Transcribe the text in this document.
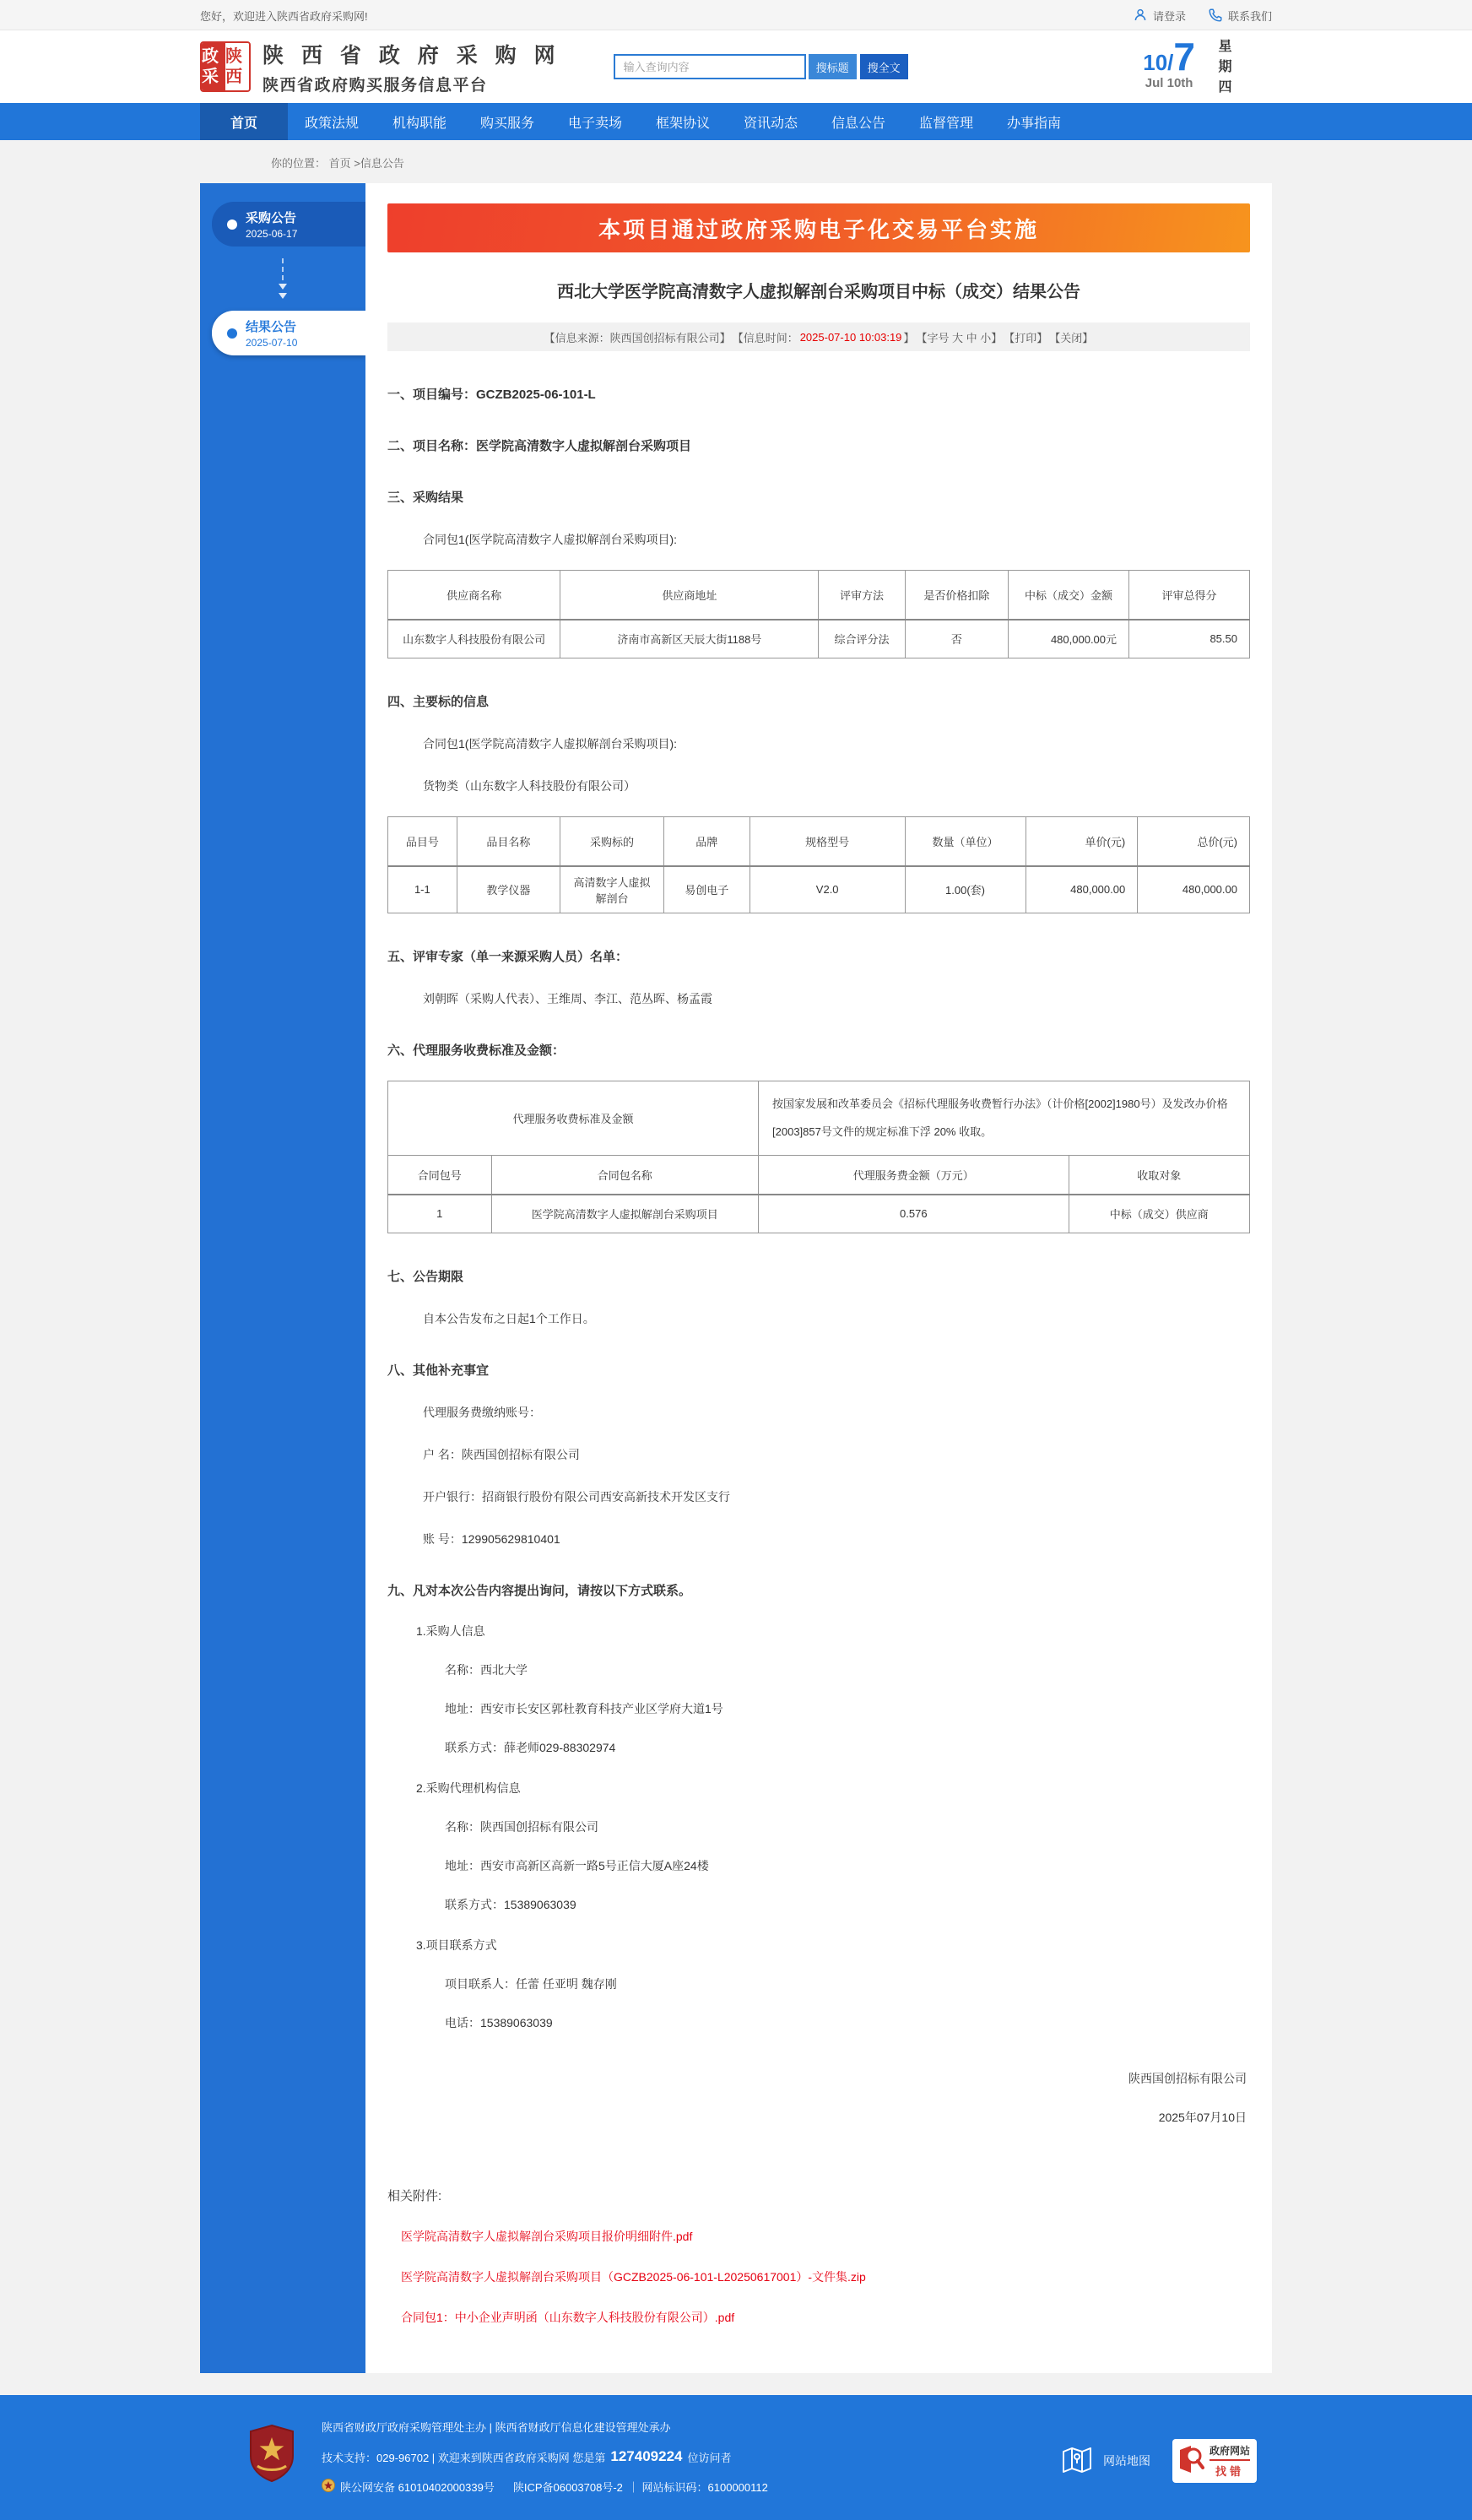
您好，欢迎进入陕西省政府采购网!	请登录	联系我们
政采
陕西
陕 西 省 政 府 采 购 网
陕西省政府购买服务信息平台
输入查询内容
搜标题	搜全文	10/7
Jul 10th 星期四
首页	政策法规	机构职能	购买服务	电子卖场	框架协议	资讯动态	信息公告	监督管理	办事指南
你的位置： 首页 >信息公告
采购公告
2025-06-17
结果公告
2025-07-10
本项目通过政府采购电子化交易平台实施
西北大学医学院高清数字人虚拟解剖台采购项目中标（成交）结果公告
【信息来源：陕西国创招标有限公司】 【信息时间： 2025-07-10 10:03:19 】 【字号 大 中 小】 【打印】 【关闭】
一、项目编号：GCZB2025-06-101-L
二、项目名称：医学院高清数字人虚拟解剖台采购项目
三、采购结果
合同包1(医学院高清数字人虚拟解剖台采购项目):
供应商名称	供应商地址	评审方法	是否价格扣除	中标（成交）金额	评审总得分
山东数字人科技股份有限公司	济南市高新区天辰大街1188号	综合评分法	否	480,000.00元	85.50
四、主要标的信息
合同包1(医学院高清数字人虚拟解剖台采购项目):
货物类（山东数字人科技股份有限公司）
品目号	品目名称	采购标的	品牌	规格型号	数量（单位）	单价(元)	总价(元)
1-1	教学仪器	高清数字人虚拟解剖台	易创电子	V2.0	1.00(套)	480,000.00	480,000.00
五、评审专家（单一来源采购人员）名单：
刘朝晖（采购人代表）、王维周、李江、范丛晖、杨孟霞
六、代理服务收费标准及金额：
代理服务收费标准及金额		按国家发展和改革委员会《招标代理服务收费暂行办法》（计价格[2002]1980号）及发改办价格[2003]857号文件的规定标准下浮 20% 收取。	
合同包号	合同包名称	代理服务费金额（万元）	收取对象
1	医学院高清数字人虚拟解剖台采购项目	0.576	中标（成交）供应商
七、公告期限
自本公告发布之日起1个工作日。
八、其他补充事宜
代理服务费缴纳账号：
户 名：陕西国创招标有限公司
开户银行：招商银行股份有限公司西安高新技术开发区支行
账 号：129905629810401
九、凡对本次公告内容提出询问，请按以下方式联系。
1.采购人信息
名称：西北大学
地址：西安市长安区郭杜教育科技产业区学府大道1号
联系方式：薛老师029-88302974
2.采购代理机构信息
名称：陕西国创招标有限公司
地址：西安市高新区高新一路5号正信大厦A座24楼
联系方式：15389063039
3.项目联系方式
项目联系人：任蕾 任亚明 魏存刚
电话：15389063039
陕西国创招标有限公司
2025年07月10日
相关附件:
医学院高清数字人虚拟解剖台采购项目报价明细附件.pdf
医学院高清数字人虚拟解剖台采购项目（GCZB2025-06-101-L20250617001）-文件集.zip
合同包1：中小企业声明函（山东数字人科技股份有限公司）.pdf
陕西省财政厅政府采购管理处主办 | 陕西省财政厅信息化建设管理处承办
技术支持：029-96702 | 欢迎来到陕西省政府采购网 您是第 127409224 位访问者
陕公网安备 61010402000339号 陕ICP备06003708号-2 ｜ 网站标识码：6100000112
网站地图
政府网站
找错
